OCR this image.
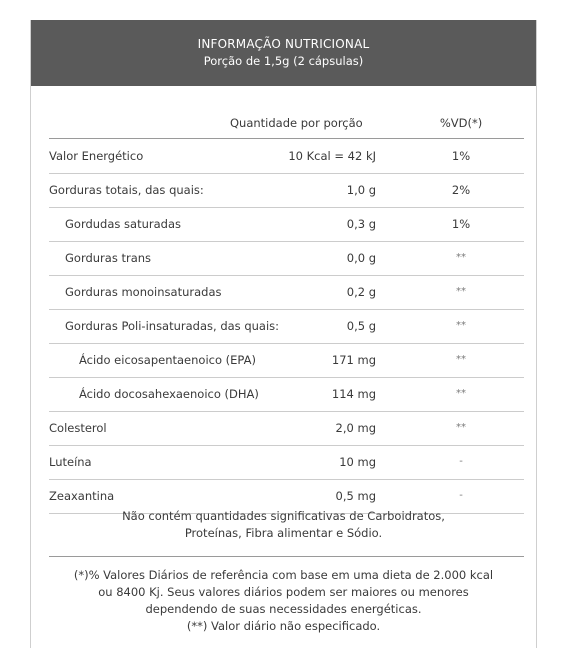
INFORMAÇÃO NUTRICIONAL
Porção de 1,5g (2 cápsulas)
Quantidade por porção	%VD(*)
Valor Energético	10 Kcal = 42 kJ	1%
Gorduras totais, das quais:	1,0 g	2%
Gordudas saturadas	0,3 g	1%
Gorduras trans	0,0 g	**
Gorduras monoinsaturadas	0,2 g	**
Gorduras Poli-insaturadas, das quais:	0,5 g	**
Ácido eicosapentaenoico (EPA)	171 mg	**
Ácido docosahexaenoico (DHA)	114 mg	**
Colesterol	2,0 mg	**
Luteína	10 mg	-
Zeaxantina	0,5 mg	-
Não contém quantidades significativas de Carboidratos,
Proteínas, Fibra alimentar e Sódio.
(*)% Valores Diários de referência com base em uma dieta de 2.000 kcal
ou 8400 Kj. Seus valores diários podem ser maiores ou menores
dependendo de suas necessidades energéticas.
(**) Valor diário não especificado.
